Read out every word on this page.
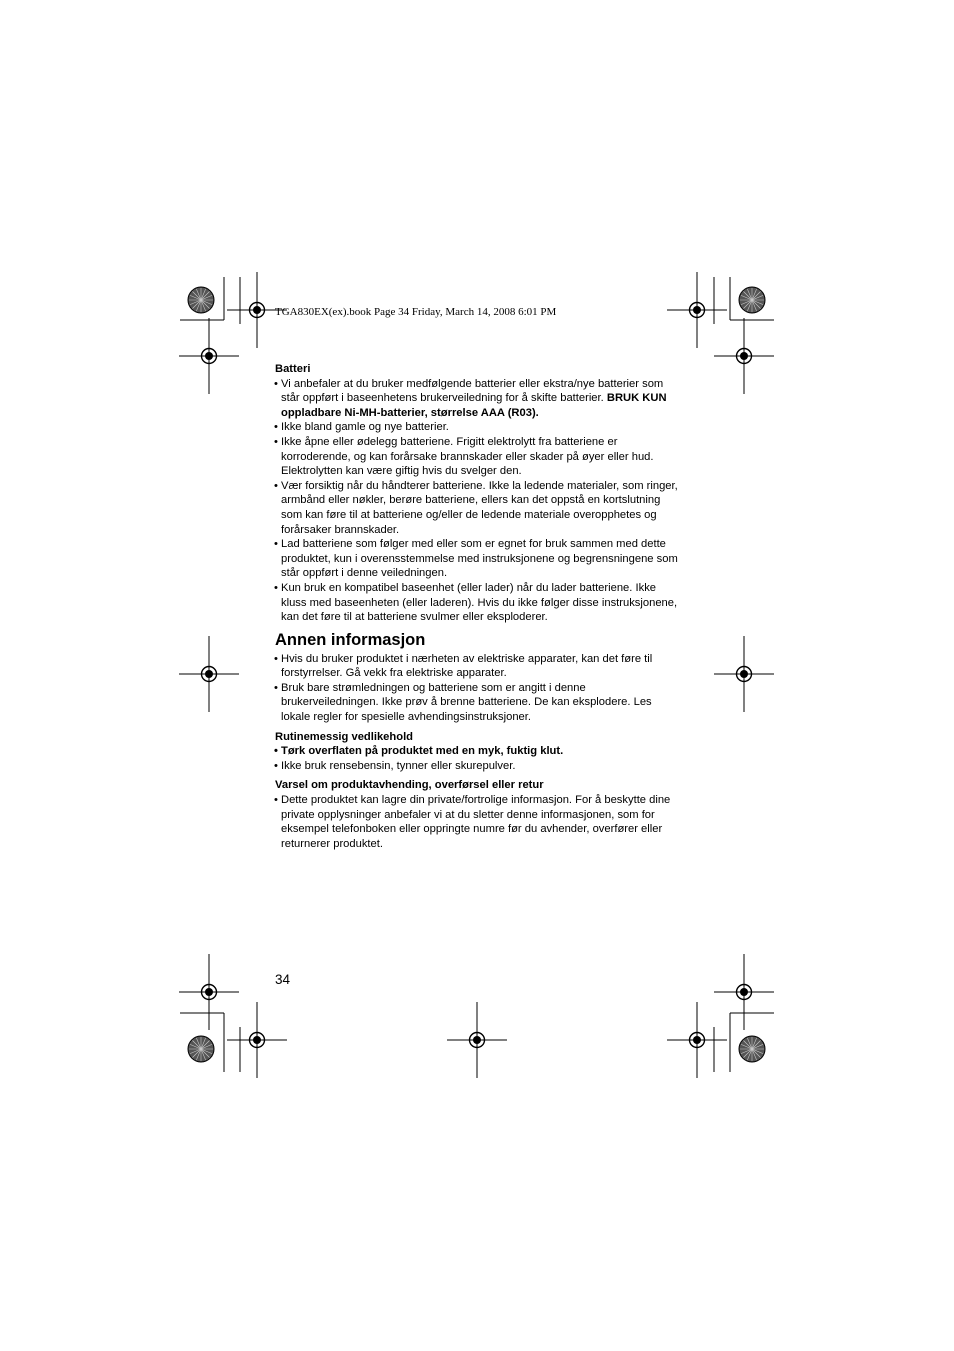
TGA830EX(ex).book Page 34 Friday, March 14, 2008 6:01 PM

Batteri

• Vi anbefaler at du bruker medfølgende batterier eller ekstra/nye batterier som står oppført i baseenhetens brukerveiledning for å skifte batterier. BRUK KUN oppladbare Ni-MH-batterier, størrelse AAA (R03).
• Ikke bland gamle og nye batterier.
• Ikke åpne eller ødelegg batteriene. Frigitt elektrolytt fra batteriene er korroderende, og kan forårsake brannskader eller skader på øyer eller hud. Elektrolytten kan være giftig hvis du svelger den.
• Vær forsiktig når du håndterer batteriene. Ikke la ledende materialer, som ringer, armbånd eller nøkler, berøre batteriene, ellers kan det oppstå en kortslutning som kan føre til at batteriene og/eller de ledende materiale overopphetes og forårsaker brannskader.
• Lad batteriene som følger med eller som er egnet for bruk sammen med dette produktet, kun i overensstemmelse med instruksjonene og begrensningene som står oppført i denne veiledningen.
• Kun bruk en kompatibel baseenhet (eller lader) når du lader batteriene. Ikke kluss med baseenheten (eller laderen). Hvis du ikke følger disse instruksjonene, kan det føre til at batteriene svulmer eller eksploderer.

Annen informasjon

• Hvis du bruker produktet i nærheten av elektriske apparater, kan det føre til forstyrrelser. Gå vekk fra elektriske apparater.
• Bruk bare strømledningen og batteriene som er angitt i denne brukerveiledningen. Ikke prøv å brenne batteriene. De kan eksplodere. Les lokale regler for spesielle avhendingsinstruksjoner.

Rutinemessig vedlikehold

• Tørk overflaten på produktet med en myk, fuktig klut.
• Ikke bruk rensebensin, tynner eller skurepulver.

Varsel om produktavhending, overførsel eller retur

• Dette produktet kan lagre din private/fortrolige informasjon. For å beskytte dine private opplysninger anbefaler vi at du sletter denne informasjonen, som for eksempel telefonboken eller oppringte numre før du avhender, overfører eller returnerer produktet.
34
